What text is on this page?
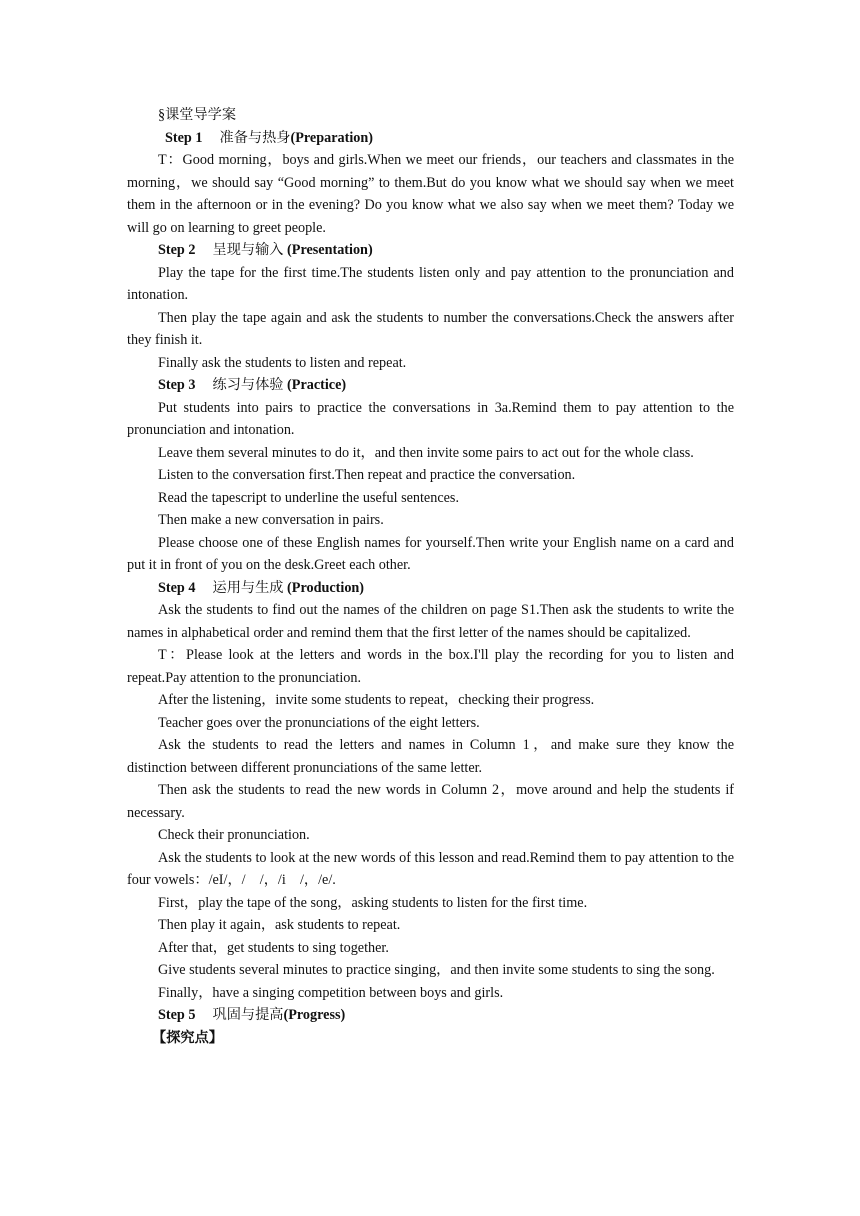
§课堂导学案
Step 1 准备与热身(Preparation)

T：Good morning，boys and girls.When we meet our friends，our teachers and classmates in the morning，we should say “Good morning” to them.But do you know what we should say when we meet them in the afternoon or in the evening? Do you know what we also say when we meet them? Today we will go on learning to greet people.

Step 2 呈现与输入 (Presentation)

Play the tape for the first time.The students listen only and pay attention to the pronunciation and intonation.

Then play the tape again and ask the students to number the conversations.Check the answers after they finish it.

Finally ask the students to listen and repeat.

Step 3 练习与体验 (Practice)

Put students into pairs to practice the conversations in 3a.Remind them to pay attention to the pronunciation and intonation.

Leave them several minutes to do it，and then invite some pairs to act out for the whole class.

Listen to the conversation first.Then repeat and practice the conversation.

Read the tapescript to underline the useful sentences.

Then make a new conversation in pairs.

Please choose one of these English names for yourself.Then write your English name on a card and put it in front of you on the desk.Greet each other.

Step 4 运用与生成 (Production)

Ask the students to find out the names of the children on page S1.Then ask the students to write the names in alphabetical order and remind them that the first letter of the names should be capitalized.

T：Please look at the letters and words in the box.I'll play the recording for you to listen and repeat.Pay attention to the pronunciation.

After the listening，invite some students to repeat，checking their progress.

Teacher goes over the pronunciations of the eight letters.

Ask the students to read the letters and names in Column 1，and make sure they know the distinction between different pronunciations of the same letter.

Then ask the students to read the new words in Column 2，move around and help the students if necessary.

Check their pronunciation.

Ask the students to look at the new words of this lesson and read.Remind them to pay attention to the four vowels：/eI/，/　/，/i　/，/e/.

First，play the tape of the song，asking students to listen for the first time.

Then play it again，ask students to repeat.

After that，get students to sing together.

Give students several minutes to practice singing，and then invite some students to sing the song.

Finally，have a singing competition between boys and girls.

Step 5 巩固与提高(Progress)
【探究点】
